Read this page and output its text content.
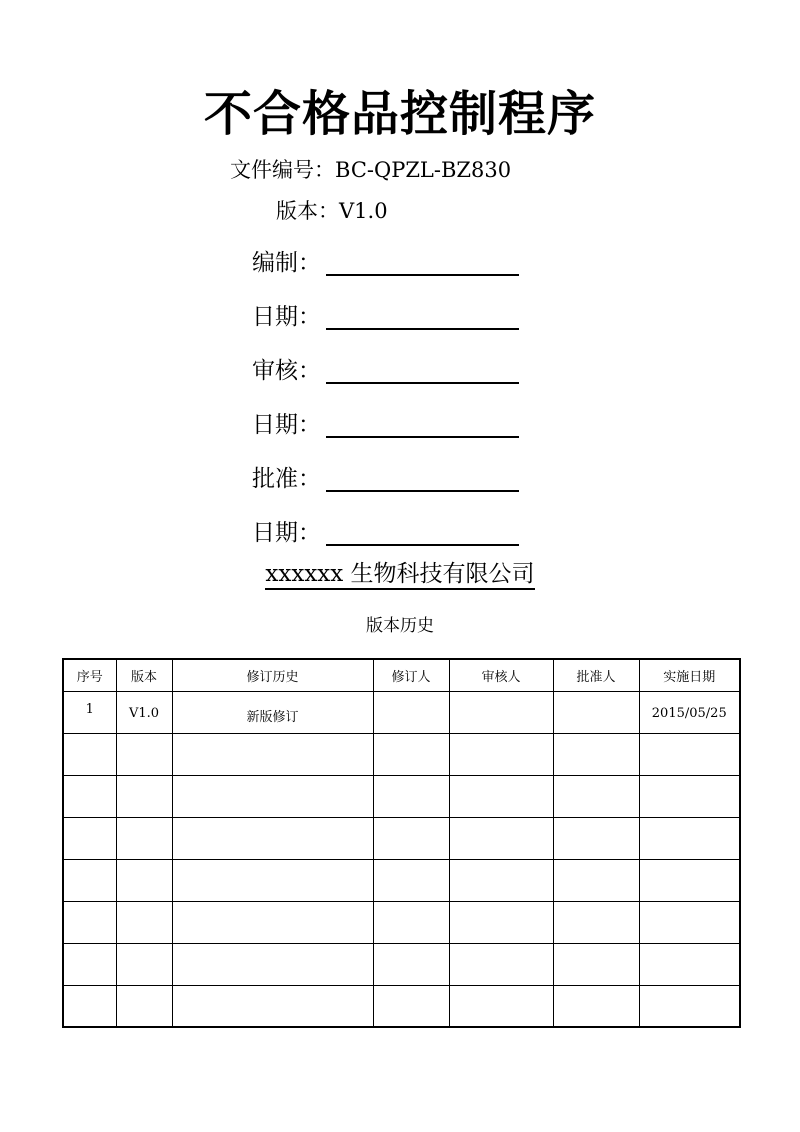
不合格品控制程序
文件编号：BC-QPZL-BZ830
版本：V1.0
编制：
日期：
审核：
日期：
批准：
日期：
xxxxxx 生物科技有限公司
版本历史
序号	版本	修订历史	修订人	审核人	批准人	实施日期
1	V1.0	新版修订				2015/05/25
